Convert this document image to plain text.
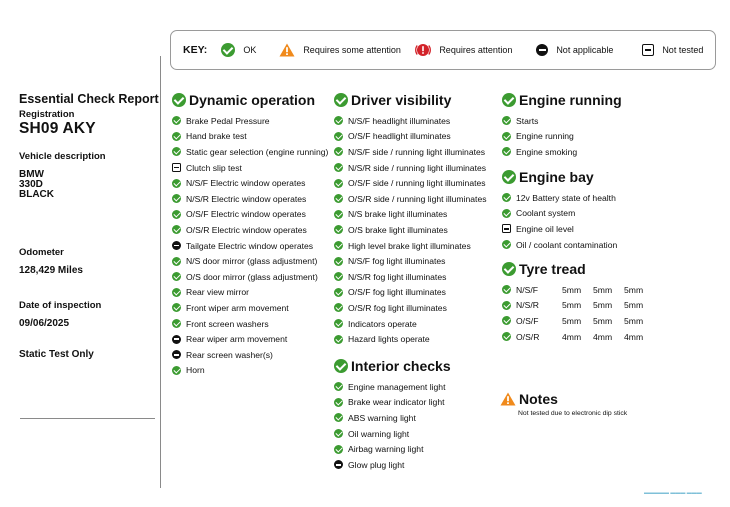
KEY:	OK	Requires some attention	Requires attention	Not applicable	Not tested
Essential Check Report
Registration
SH09 AKY
Vehicle description
BMW
330D
BLACK
Odometer
128,429 Miles
Date of inspection
09/06/2025
Static Test Only
Dynamic operation
Brake Pedal Pressure
Hand brake test
Static gear selection (engine running)
Clutch slip test
N/S/F Electric window operates
N/S/R Electric window operates
O/S/F Electric window operates
O/S/R Electric window operates
Tailgate Electric window operates
N/S door mirror (glass adjustment)
O/S door mirror (glass adjustment)
Rear view mirror
Front wiper arm movement
Front screen washers
Rear wiper arm movement
Rear screen washer(s)
Horn
Driver visibility
N/S/F headlight illuminates
O/S/F headlight illuminates
N/S/F side / running light illuminates
N/S/R side / running light illuminates
O/S/F side / running light illuminates
O/S/R side / running light illuminates
N/S brake light illuminates
O/S brake light illuminates
High level brake light illuminates
N/S/F fog light illuminates
N/S/R fog light illuminates
O/S/F fog light illuminates
O/S/R fog light illuminates
Indicators operate
Hazard lights operate
Interior checks
Engine management light
Brake wear indicator light
ABS warning light
Oil warning light
Airbag warning light
Glow plug light
Engine running
Starts
Engine running
Engine smoking
Engine bay
12v Battery state of health
Coolant system
Engine oil level
Oil / coolant contamination
Tyre tread
N/S/F	5mm	5mm	5mm
N/S/R	5mm	5mm	5mm
O/S/F	5mm	5mm	5mm
O/S/R	4mm	4mm	4mm
Notes
Not tested due to electronic dip stick
▬▬▬▬▬ ▬▬▬ ▬▬▬
